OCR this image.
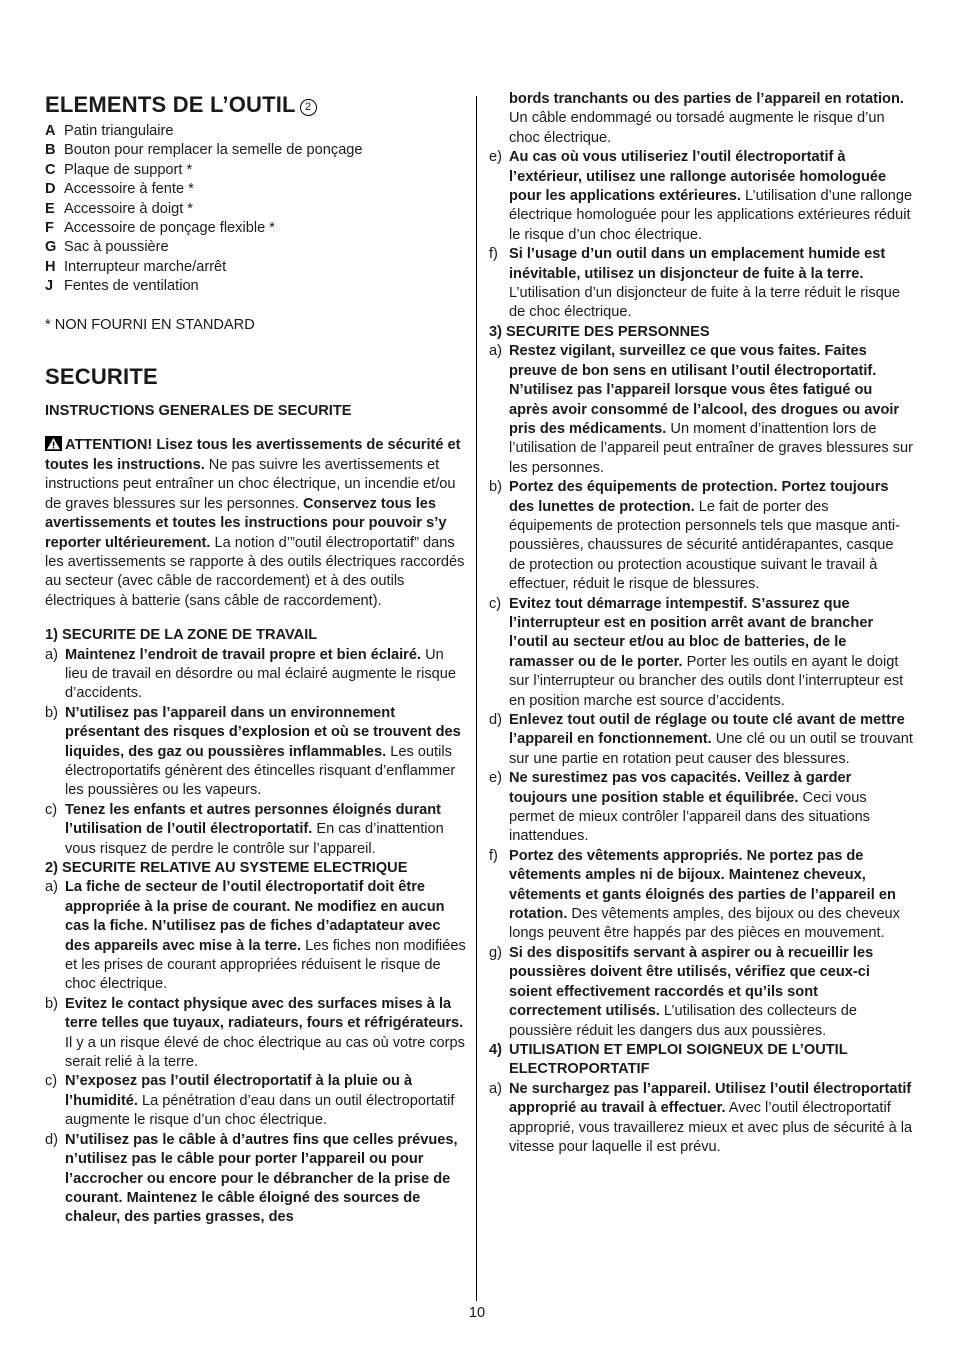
ELEMENTS DE L’OUTIL 2
A Patin triangulaire
B Bouton pour remplacer la semelle de ponçage
C Plaque de support *
D Accessoire à fente *
E Accessoire à doigt *
F Accessoire de ponçage flexible *
G Sac à poussière
H Interrupteur marche/arrêt
J Fentes de ventilation
* NON FOURNI EN STANDARD
SECURITE
INSTRUCTIONS GENERALES DE SECURITE
ATTENTION! Lisez tous les avertissements de sécurité et toutes les instructions. Ne pas suivre les avertissements et instructions peut entraîner un choc électrique, un incendie et/ou de graves blessures sur les personnes. Conservez tous les avertissements et toutes les instructions pour pouvoir s’y reporter ultérieurement. La notion d’”outil électroportatif” dans les avertissements se rapporte à des outils électriques raccordés au secteur (avec câble de raccordement) et à des outils électriques à batterie (sans câble de raccordement).
1) SECURITE DE LA ZONE DE TRAVAIL
a) Maintenez l’endroit de travail propre et bien éclairé. Un lieu de travail en désordre ou mal éclairé augmente le risque d’accidents.
b) N’utilisez pas l’appareil dans un environnement présentant des risques d’explosion et où se trouvent des liquides, des gaz ou poussières inflammables. Les outils électroportatifs génèrent des étincelles risquant d’enflammer les poussières ou les vapeurs.
c) Tenez les enfants et autres personnes éloignés durant l’utilisation de l’outil électroportatif. En cas d’inattention vous risquez de perdre le contrôle sur l’appareil.
2) SECURITE RELATIVE AU SYSTEME ELECTRIQUE
a) La fiche de secteur de l’outil électroportatif doit être appropriée à la prise de courant. Ne modifiez en aucun cas la fiche. N’utilisez pas de fiches d’adaptateur avec des appareils avec mise à la terre. Les fiches non modifiées et les prises de courant appropriées réduisent le risque de choc électrique.
b) Evitez le contact physique avec des surfaces mises à la terre telles que tuyaux, radiateurs, fours et réfrigérateurs. Il y a un risque élevé de choc électrique au cas où votre corps serait relié à la terre.
c) N’exposez pas l’outil électroportatif à la pluie ou à l’humidité. La pénétration d’eau dans un outil électroportatif augmente le risque d’un choc électrique.
d) N’utilisez pas le câble à d’autres fins que celles prévues, n’utilisez pas le câble pour porter l’appareil ou pour l’accrocher ou encore pour le débrancher de la prise de courant. Maintenez le câble éloigné des sources de chaleur, des parties grasses, des
bords tranchants ou des parties de l’appareil en rotation. Un câble endommagé ou torsadé augmente le risque d’un choc électrique.
e) Au cas où vous utiliseriez l’outil électroportatif à l’extérieur, utilisez une rallonge autorisée homologuée pour les applications extérieures. L’utilisation d’une rallonge électrique homologuée pour les applications extérieures réduit le risque d’un choc électrique.
f) Si l’usage d’un outil dans un emplacement humide est inévitable, utilisez un disjoncteur de fuite à la terre. L’utilisation d’un disjoncteur de fuite à la terre réduit le risque de choc électrique.
3) SECURITE DES PERSONNES
a) Restez vigilant, surveillez ce que vous faites. Faites preuve de bon sens en utilisant l’outil électroportatif. N’utilisez pas l’appareil lorsque vous êtes fatigué ou après avoir consommé de l’alcool, des drogues ou avoir pris des médicaments. Un moment d’inattention lors de l’utilisation de l’appareil peut entraîner de graves blessures sur les personnes.
b) Portez des équipements de protection. Portez toujours des lunettes de protection. Le fait de porter des équipements de protection personnels tels que masque anti-poussières, chaussures de sécurité antidérapantes, casque de protection ou protection acoustique suivant le travail à effectuer, réduit le risque de blessures.
c) Evitez tout démarrage intempestif. S’assurez que l’interrupteur est en position arrêt avant de brancher l’outil au secteur et/ou au bloc de batteries, de le ramasser ou de le porter. Porter les outils en ayant le doigt sur l’interrupteur ou brancher des outils dont l’interrupteur est en position marche est source d’accidents.
d) Enlevez tout outil de réglage ou toute clé avant de mettre l’appareil en fonctionnement. Une clé ou un outil se trouvant sur une partie en rotation peut causer des blessures.
e) Ne surestimez pas vos capacités. Veillez à garder toujours une position stable et équilibrée. Ceci vous permet de mieux contrôler l’appareil dans des situations inattendues.
f) Portez des vêtements appropriés. Ne portez pas de vêtements amples ni de bijoux. Maintenez cheveux, vêtements et gants éloignés des parties de l’appareil en rotation. Des vêtements amples, des bijoux ou des cheveux longs peuvent être happés par des pièces en mouvement.
g) Si des dispositifs servant à aspirer ou à recueillir les poussières doivent être utilisés, vérifiez que ceux-ci soient effectivement raccordés et qu’ils sont correctement utilisés. L’utilisation des collecteurs de poussière réduit les dangers dus aux poussières.
4) UTILISATION ET EMPLOI SOIGNEUX DE L’OUTIL ELECTROPORTATIF
a) Ne surchargez pas l’appareil. Utilisez l’outil électroportatif approprié au travail à effectuer. Avec l’outil électroportatif approprié, vous travaillerez mieux et avec plus de sécurité à la vitesse pour laquelle il est prévu.
10
